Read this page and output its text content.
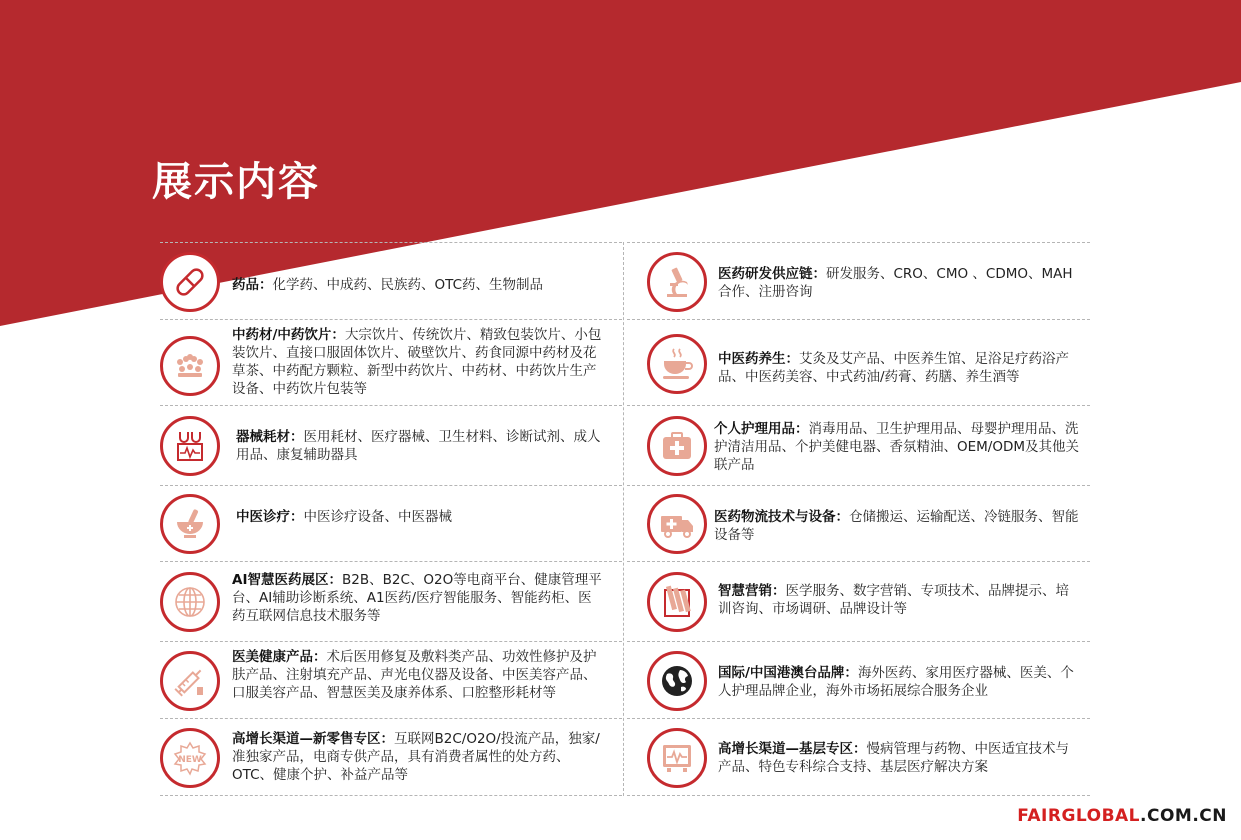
展示内容
药品：化学药、中成药、民族药、OTC药、生物制品
中药材/中药饮片：大宗饮片、传统饮片、精致包装饮片、小包装饮片、直接口服固体饮片、破壁饮片、药食同源中药材及花草茶、中药配方颗粒、新型中药饮片、中药材、中药饮片生产设备、中药饮片包装等
器械耗材：医用耗材、医疗器械、卫生材料、诊断试剂、成人用品、康复辅助器具
中医诊疗：中医诊疗设备、中医器械
AI智慧医药展区：B2B、B2C、O2O等电商平台、健康管理平台、AI辅助诊断系统、A1医药/医疗智能服务、智能药柜、医药互联网信息技术服务等
医美健康产品：术后医用修复及敷料类产品、功效性修护及护肤产品、注射填充产品、声光电仪器及设备、中医美容产品、口服美容产品、智慧医美及康养体系、口腔整形耗材等
NEW
高增长渠道—新零售专区：互联网B2C/O2O/投流产品，独家/准独家产品，电商专供产品，具有消费者属性的处方药、OTC、健康个护、补益产品等
医药研发供应链：研发服务、CRO、CMO 、CDMO、MAH合作、注册咨询
中医药养生：艾灸及艾产品、中医养生馆、足浴足疗药浴产品、中医药美容、中式药油/药膏、药膳、养生酒等
个人护理用品：消毒用品、卫生护理用品、母婴护理用品、洗护清洁用品、个护美健电器、香氛精油、OEM/ODM及其他关联产品
医药物流技术与设备：仓储搬运、运输配送、冷链服务、智能设备等
智慧营销：医学服务、数字营销、专项技术、品牌提示、培训咨询、市场调研、品牌设计等
国际/中国港澳台品牌：海外医药、家用医疗器械、医美、个人护理品牌企业，海外市场拓展综合服务企业
高增长渠道—基层专区：慢病管理与药物、中医适宜技术与产品、特色专科综合支持、基层医疗解决方案
FAIRGLOBAL.COM.CN
